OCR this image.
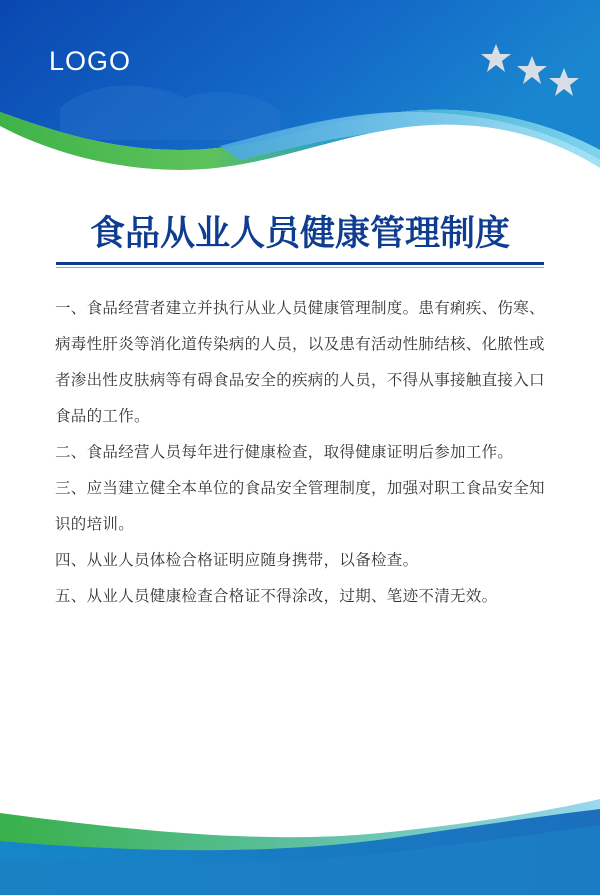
LOGO
食品从业人员健康管理制度

一、食品经营者建立并执行从业人员健康管理制度。患有痢疾、伤寒、病毒性肝炎等消化道传染病的人员，以及患有活动性肺结核、化脓性或者渗出性皮肤病等有碍食品安全的疾病的人员，不得从事接触直接入口食品的工作。

二、食品经营人员每年进行健康检查，取得健康证明后参加工作。

三、应当建立健全本单位的食品安全管理制度，加强对职工食品安全知识的培训。

四、从业人员体检合格证明应随身携带，以备检查。

五、从业人员健康检查合格证不得涂改，过期、笔迹不清无效。
